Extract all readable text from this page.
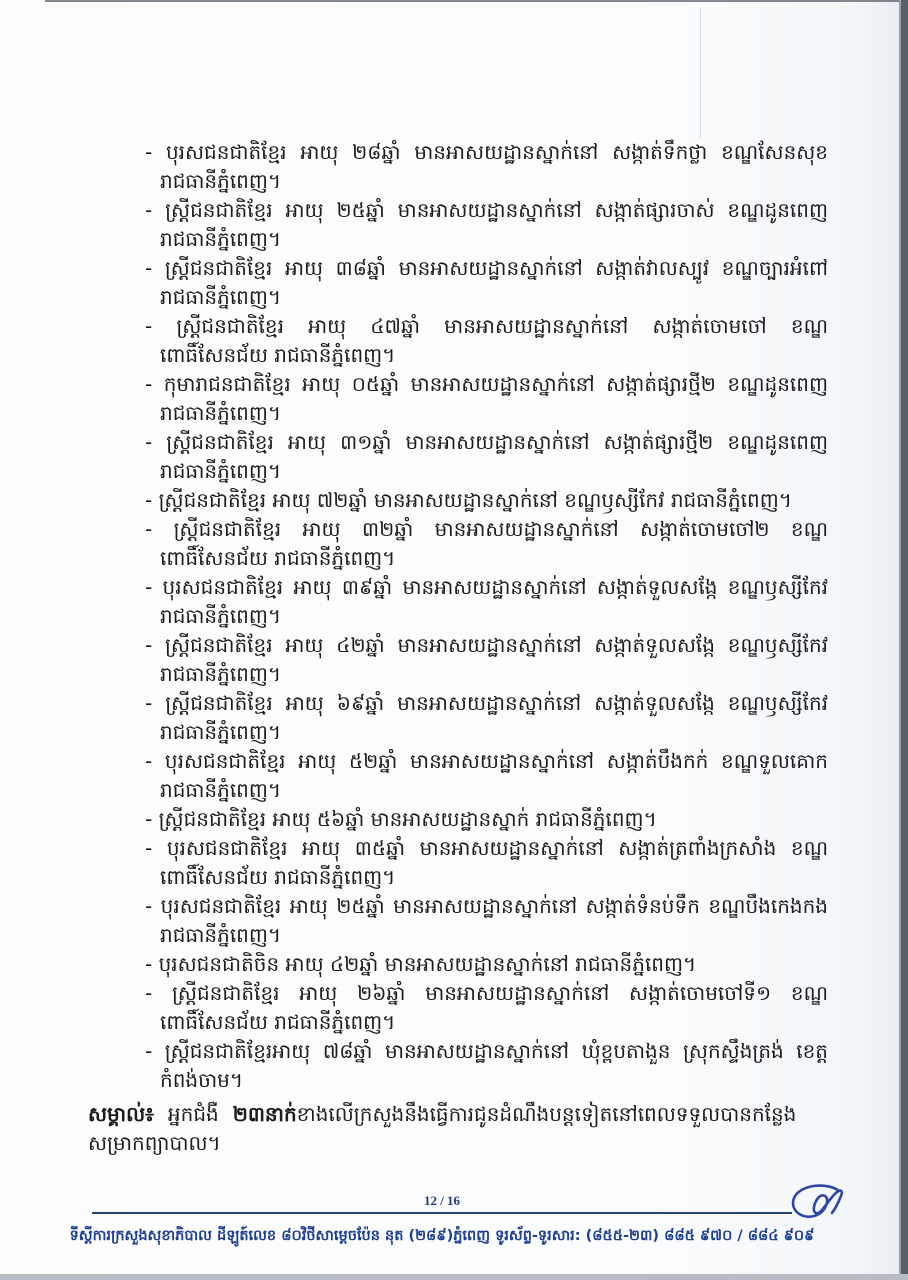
- បុរសជនជាតិខ្មែរ អាយុ ២៨ឆ្នាំ មានអាសយដ្ឋានស្នាក់នៅ សង្កាត់ទឹកថ្លា ខណ្ឌសែនសុខ រាជធានីភ្នំពេញ។
- ស្ត្រីជនជាតិខ្មែរ អាយុ ២៥ឆ្នាំ មានអាសយដ្ឋានស្នាក់នៅ សង្កាត់ផ្សារចាស់ ខណ្ឌដូនពេញ រាជធានីភ្នំពេញ។
- ស្ត្រីជនជាតិខ្មែរ អាយុ ៣៨ឆ្នាំ មានអាសយដ្ឋានស្នាក់នៅ សង្កាត់វាលស្បូវ ខណ្ឌច្បារអំពៅ រាជធានីភ្នំពេញ។
- ស្ត្រីជនជាតិខ្មែរ អាយុ ៤៧ឆ្នាំ មានអាសយដ្ឋានស្នាក់នៅ សង្កាត់ចោមចៅ ខណ្ឌពោធិ៍សែនជ័យ រាជធានីភ្នំពេញ។
- កុមារាជនជាតិខ្មែរ អាយុ ០៥ឆ្នាំ មានអាសយដ្ឋានស្នាក់នៅ សង្កាត់ផ្សារថ្មី២ ខណ្ឌដូនពេញ រាជធានីភ្នំពេញ។
- ស្ត្រីជនជាតិខ្មែរ អាយុ ៣១ឆ្នាំ មានអាសយដ្ឋានស្នាក់នៅ សង្កាត់ផ្សារថ្មី២ ខណ្ឌដូនពេញ រាជធានីភ្នំពេញ។
- ស្ត្រីជនជាតិខ្មែរ អាយុ ៧២ឆ្នាំ មានអាសយដ្ឋានស្នាក់នៅ ខណ្ឌឫស្សីកែវ រាជធានីភ្នំពេញ។
- ស្ត្រីជនជាតិខ្មែរ អាយុ ៣២ឆ្នាំ មានអាសយដ្ឋានស្នាក់នៅ សង្កាត់ចោមចៅ២ ខណ្ឌពោធិ៍សែនជ័យ រាជធានីភ្នំពេញ។
- បុរសជនជាតិខ្មែរ អាយុ ៣៩ឆ្នាំ មានអាសយដ្ឋានស្នាក់នៅ សង្កាត់ទួលសង្កែ ខណ្ឌឫស្សីកែវ រាជធានីភ្នំពេញ។
- ស្ត្រីជនជាតិខ្មែរ អាយុ ៤២ឆ្នាំ មានអាសយដ្ឋានស្នាក់នៅ សង្កាត់ទួលសង្កែ ខណ្ឌឫស្សីកែវ រាជធានីភ្នំពេញ។
- ស្ត្រីជនជាតិខ្មែរ អាយុ ៦៩ឆ្នាំ មានអាសយដ្ឋានស្នាក់នៅ សង្កាត់ទួលសង្កែ ខណ្ឌឫស្សីកែវ រាជធានីភ្នំពេញ។
- បុរសជនជាតិខ្មែរ អាយុ ៥២ឆ្នាំ មានអាសយដ្ឋានស្នាក់នៅ សង្កាត់បឹងកក់ ខណ្ឌទួលគោក រាជធានីភ្នំពេញ។
- ស្ត្រីជនជាតិខ្មែរ អាយុ ៥៦ឆ្នាំ មានអាសយដ្ឋានស្នាក់ រាជធានីភ្នំពេញ។
- បុរសជនជាតិខ្មែរ អាយុ ៣៥ឆ្នាំ មានអាសយដ្ឋានស្នាក់នៅ សង្កាត់ត្រពាំងក្រសាំង ខណ្ឌពោធិ៍សែនជ័យ រាជធានីភ្នំពេញ។
- បុរសជនជាតិខ្មែរ អាយុ ២៥ឆ្នាំ មានអាសយដ្ឋានស្នាក់នៅ សង្កាត់ទំនប់ទឹក ខណ្ឌបឹងកេងកង រាជធានីភ្នំពេញ។
- បុរសជនជាតិចិន អាយុ ៤២ឆ្នាំ មានអាសយដ្ឋានស្នាក់នៅ រាជធានីភ្នំពេញ។
- ស្ត្រីជនជាតិខ្មែរ អាយុ ២៦ឆ្នាំ មានអាសយដ្ឋានស្នាក់នៅ សង្កាត់ចោមចៅទី១ ខណ្ឌពោធិ៍សែនជ័យ រាជធានីភ្នំពេញ។
- ស្ត្រីជនជាតិខ្មែរអាយុ ៧៨ឆ្នាំ មានអាសយដ្ឋានស្នាក់នៅ ឃុំខ្ពបតាងួន ស្រុកស្ទឹងត្រង់ ខេត្តកំពង់ចាម។
សម្គាល់៖ អ្នកជំងឺ ២៣នាក់ខាងលើក្រសួងនឹងធ្វើការជូនដំណឹងបន្តទៀតនៅពេលទទួលបានកន្លែងសម្រាកព្យាបាល។
12 / 16
ទីស្តីការក្រសួងសុខាភិបាល ដីឡូត៍លេខ ៨០វិថីសាម្តេចប៉ែន នុត (២៨៩)ភ្នំពេញ ទូរស័ព្ទ-ទូរសារ: (៨៥៥-២៣) ៨៨៥ ៩៧០ / ៨៨៤ ៩០៩
